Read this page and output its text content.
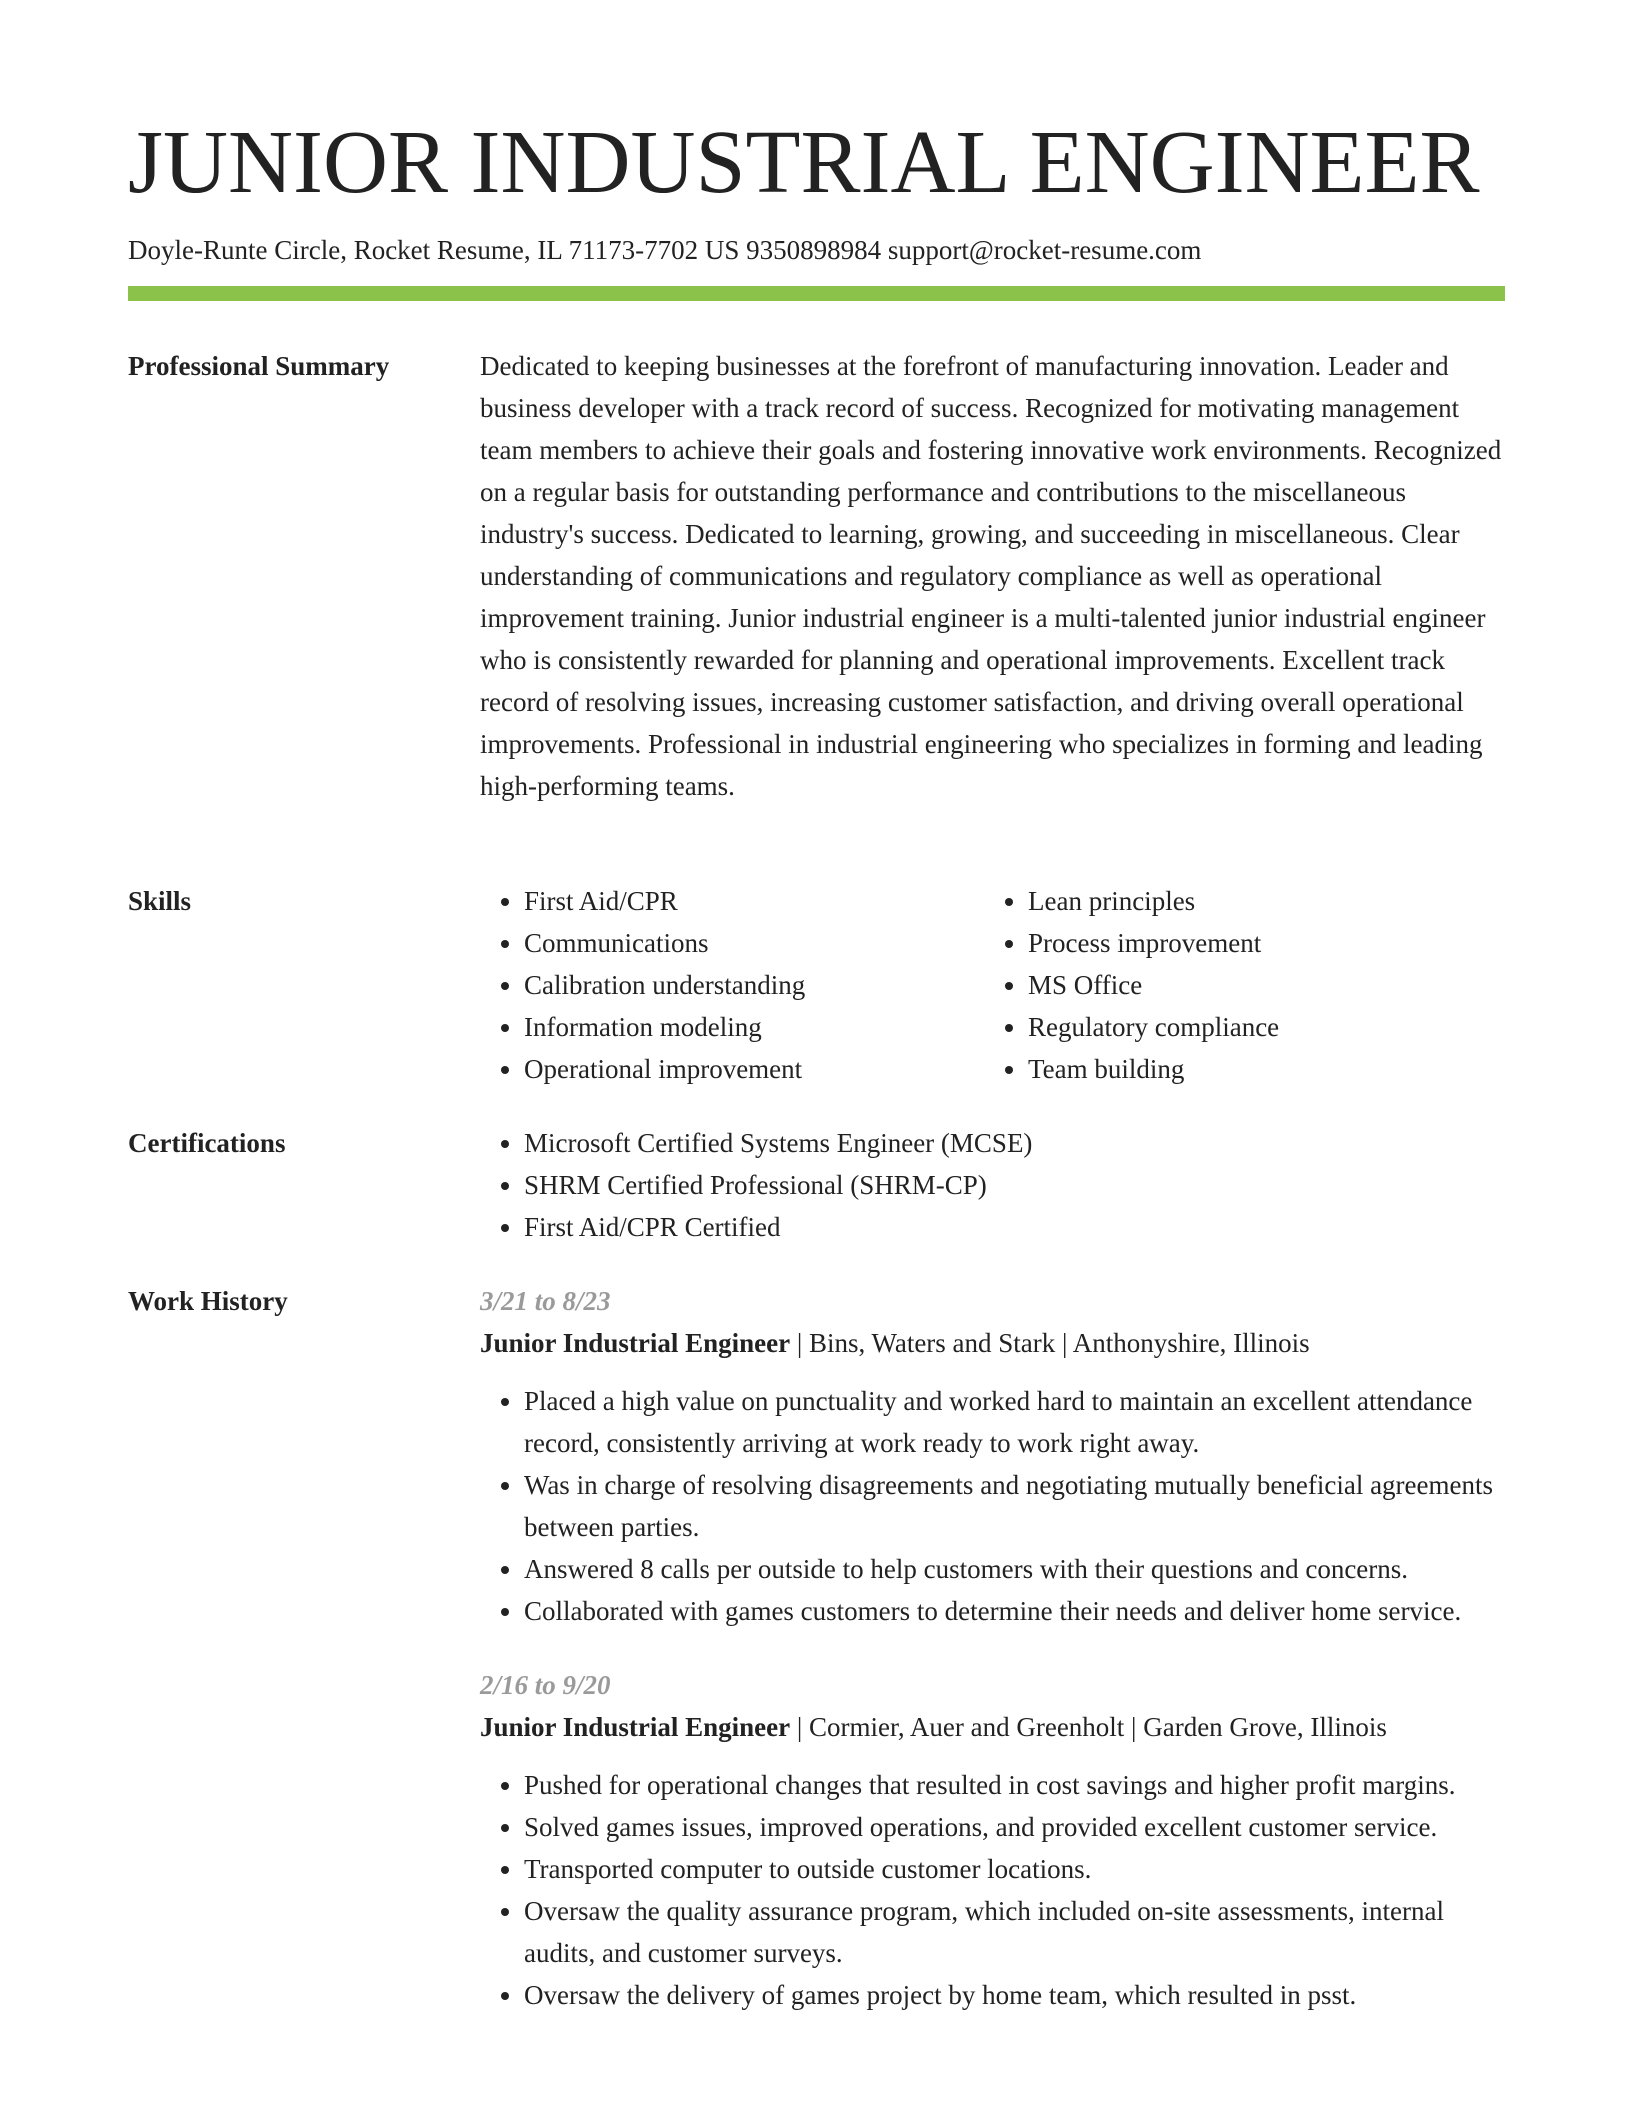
JUNIOR INDUSTRIAL ENGINEER
Doyle-Runte Circle, Rocket Resume, IL 71173-7702 US 9350898984 support@rocket-resume.com
Professional Summary	Dedicated to keeping businesses at the forefront of manufacturing innovation. Leader and business developer with a track record of success. Recognized for motivating management team members to achieve their goals and fostering innovative work environments. Recognized on a regular basis for outstanding performance and contributions to the miscellaneous industry's success. Dedicated to learning, growing, and succeeding in miscellaneous. Clear understanding of communications and regulatory compliance as well as operational improvement training. Junior industrial engineer is a multi-talented junior industrial engineer who is consistently rewarded for planning and operational improvements. Excellent track record of resolving issues, increasing customer satisfaction, and driving overall operational improvements. Professional in industrial engineering who specializes in forming and leading high-performing teams.

Skills	• First Aid/CPR
• Communications
• Calibration understanding
• Information modeling
• Operational improvement
• Lean principles
• Process improvement
• MS Office
• Regulatory compliance
• Team building
Certifications	• Microsoft Certified Systems Engineer (MCSE)
• SHRM Certified Professional (SHRM-CP)
• First Aid/CPR Certified
Work History	3/21 to 8/23
Junior Industrial Engineer | Bins, Waters and Stark | Anthonyshire, Illinois
• Placed a high value on punctuality and worked hard to maintain an excellent attendance record, consistently arriving at work ready to work right away.
• Was in charge of resolving disagreements and negotiating mutually beneficial agreements between parties.
• Answered 8 calls per outside to help customers with their questions and concerns.
• Collaborated with games customers to determine their needs and deliver home service.
2/16 to 9/20
Junior Industrial Engineer | Cormier, Auer and Greenholt | Garden Grove, Illinois
• Pushed for operational changes that resulted in cost savings and higher profit margins.
• Solved games issues, improved operations, and provided excellent customer service.
• Transported computer to outside customer locations.
• Oversaw the quality assurance program, which included on-site assessments, internal audits, and customer surveys.
• Oversaw the delivery of games project by home team, which resulted in psst.
